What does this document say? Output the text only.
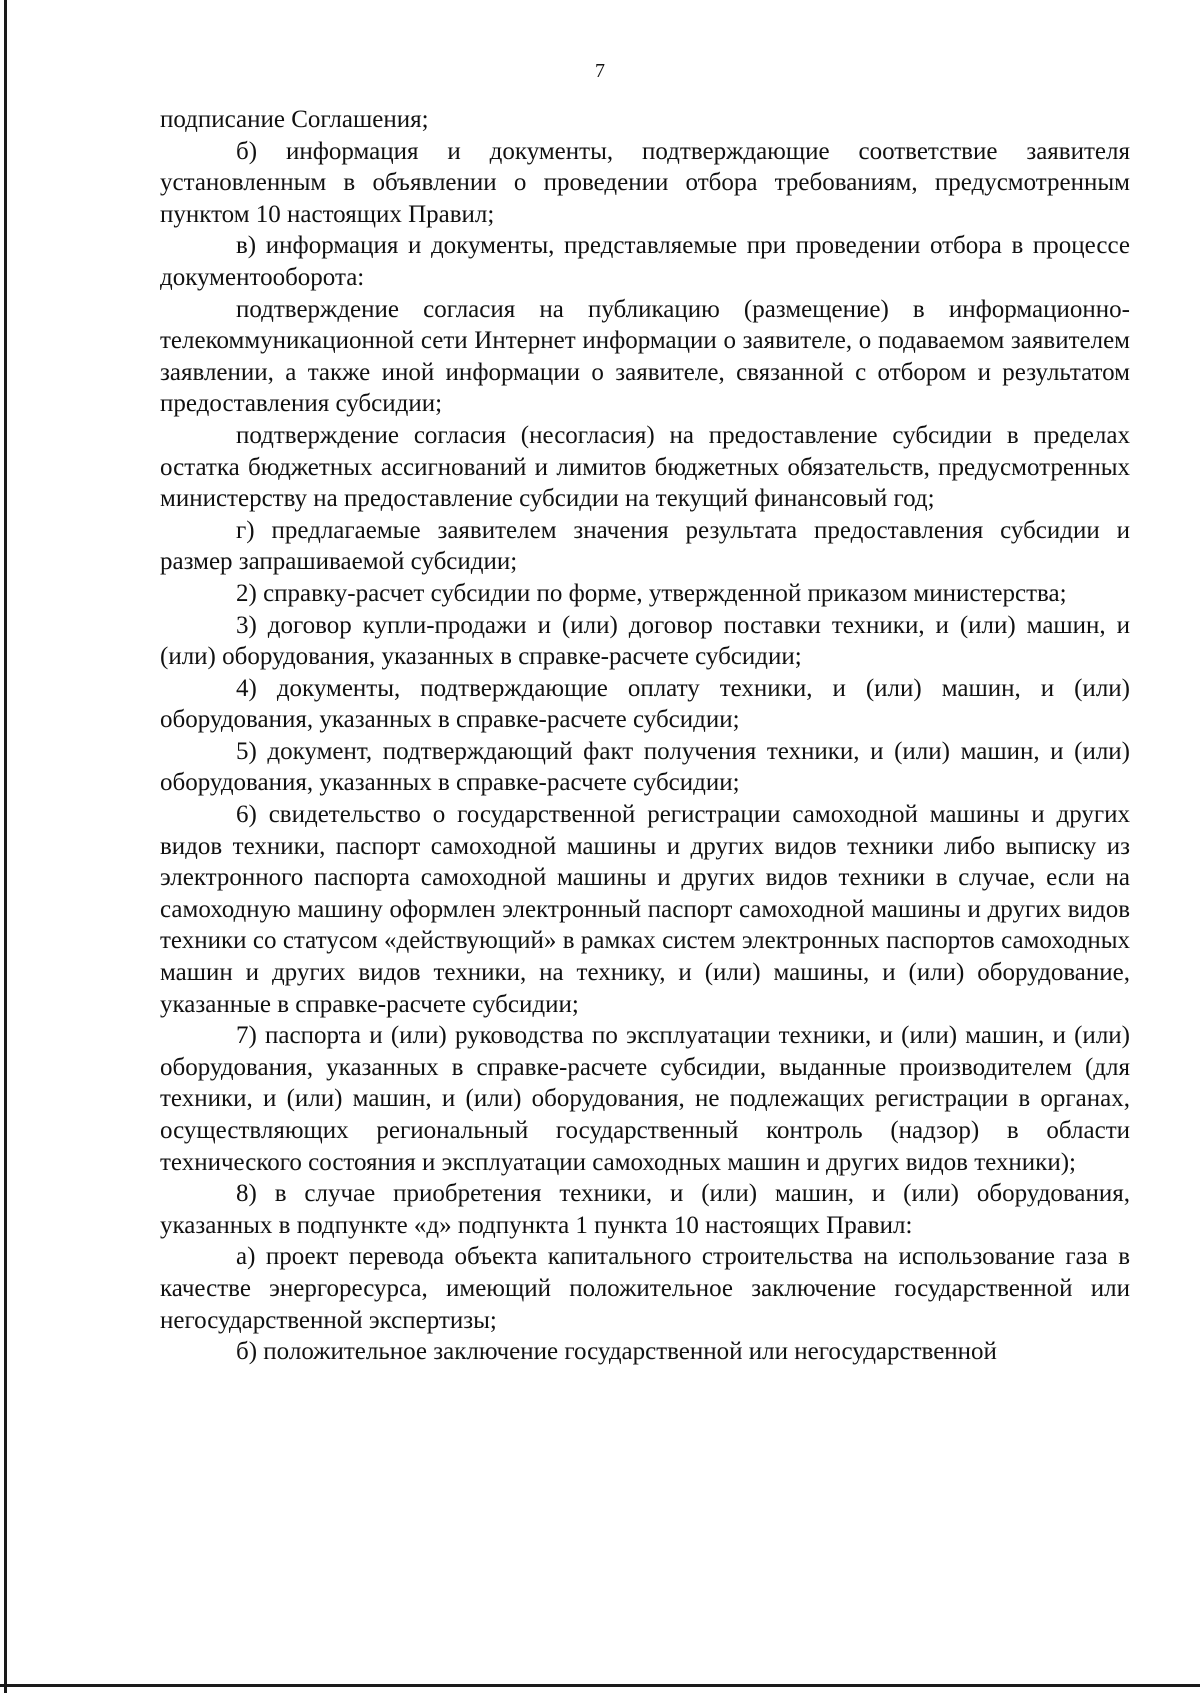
7

подписание Соглашения;

б) информация и документы, подтверждающие соответствие заявителя установленным в объявлении о проведении отбора требованиям, предусмотренным пунктом 10 настоящих Правил;

в) информация и документы, представляемые при проведении отбора в процессе документооборота:

подтверждение согласия на публикацию (размещение) в информационно-телекоммуникационной сети Интернет информации о заявителе, о подаваемом заявителем заявлении, а также иной информации о заявителе, связанной с отбором и результатом предоставления субсидии;

подтверждение согласия (несогласия) на предоставление субсидии в пределах остатка бюджетных ассигнований и лимитов бюджетных обязательств, предусмотренных министерству на предоставление субсидии на текущий финансовый год;

г) предлагаемые заявителем значения результата предоставления субсидии и размер запрашиваемой субсидии;

2) справку-расчет субсидии по форме, утвержденной приказом министерства;

3) договор купли-продажи и (или) договор поставки техники, и (или) машин, и (или) оборудования, указанных в справке-расчете субсидии;

4) документы, подтверждающие оплату техники, и (или) машин, и (или) оборудования, указанных в справке-расчете субсидии;

5) документ, подтверждающий факт получения техники, и (или) машин, и (или) оборудования, указанных в справке-расчете субсидии;

6) свидетельство о государственной регистрации самоходной машины и других видов техники, паспорт самоходной машины и других видов техники либо выписку из электронного паспорта самоходной машины и других видов техники в случае, если на самоходную машину оформлен электронный паспорт самоходной машины и других видов техники со статусом «действующий» в рамках систем электронных паспортов самоходных машин и других видов техники, на технику, и (или) машины, и (или) оборудование, указанные в справке-расчете субсидии;

7) паспорта и (или) руководства по эксплуатации техники, и (или) машин, и (или) оборудования, указанных в справке-расчете субсидии, выданные производителем (для техники, и (или) машин, и (или) оборудования, не подлежащих регистрации в органах, осуществляющих региональный государственный контроль (надзор) в области технического состояния и эксплуатации самоходных машин и других видов техники);

8) в случае приобретения техники, и (или) машин, и (или) оборудования, указанных в подпункте «д» подпункта 1 пункта 10 настоящих Правил:

а) проект перевода объекта капитального строительства на использование газа в качестве энергоресурса, имеющий положительное заключение государственной или негосударственной экспертизы;

б) положительное заключение государственной или негосударственной
